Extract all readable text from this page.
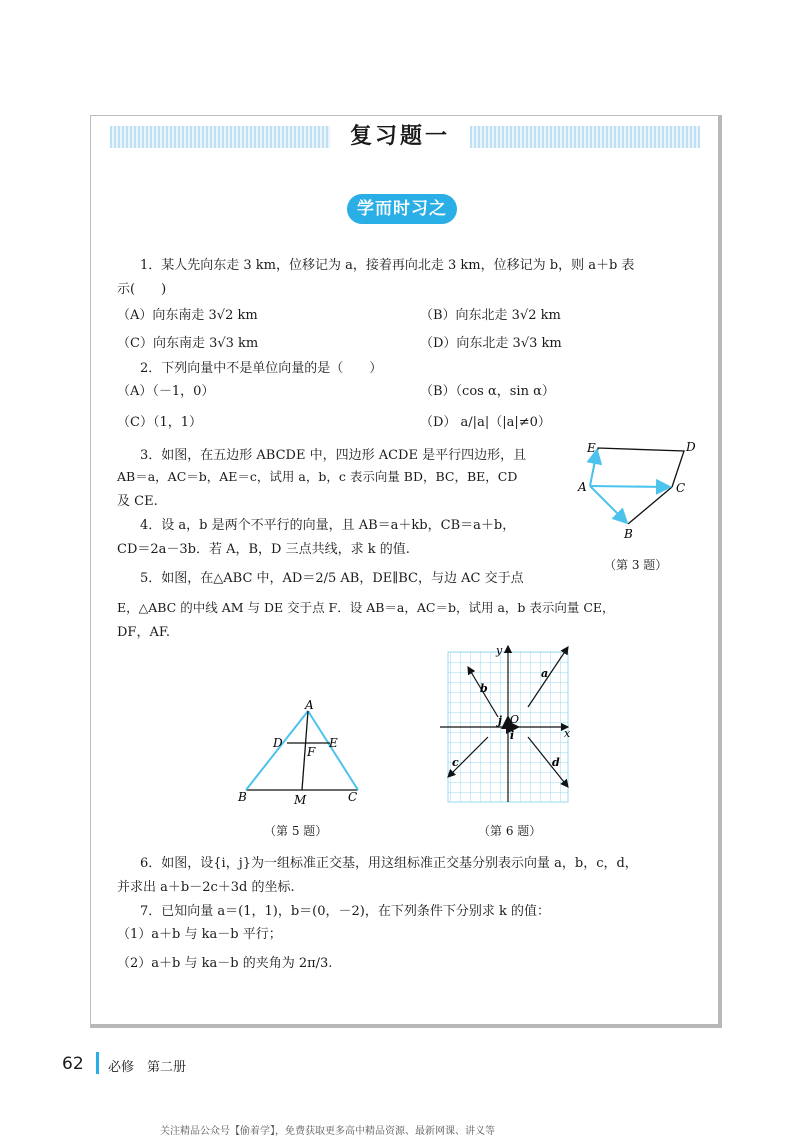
复习题一
学而时习之
1．某人先向东走 3 km，位移记为 a，接着再向北走 3 km，位移记为 b，则 a＋b 表
示(　　)
（A）向东南走 3√2 km	（B）向东北走 3√2 km
（C）向东南走 3√3 km	（D）向东北走 3√3 km
2．下列向量中不是单位向量的是（　　）
（A）（－1，0）	（B）（cos α，sin α）
（C）（1，1）	（D） a/|a|（|a|≠0）
3．如图，在五边形 ABCDE 中，四边形 ACDE 是平行四边形，且
AB＝a，AC＝b，AE＝c，试用 a，b，c 表示向量 BD，BC，BE，CD
及 CE.
4．设 a，b 是两个不平行的向量，且 AB＝a＋kb，CB＝a＋b，
CD＝2a－3b．若 A，B，D 三点共线，求 k 的值.
E	D
A	C
B
（第 3 题）
5．如图，在△ABC 中，AD＝2/5 AB，DE∥BC，与边 AC 交于点
E，△ABC 的中线 AM 与 DE 交于点 F．设 AB＝a，AC＝b，试用 a，b 表示向量 CE，
DF，AF.
A
D	E
F
B	M	C
（第 5 题）
y
a
b
j O
i	x
c	d
（第 6 题）
6．如图，设{i，j}为一组标准正交基，用这组标准正交基分别表示向量 a，b，c，d，
并求出 a＋b－2c＋3d 的坐标.
7．已知向量 a＝(1，1)，b＝(0，－2)，在下列条件下分别求 k 的值：
（1）a＋b 与 ka－b 平行；
（2）a＋b 与 ka－b 的夹角为 2π/3.
62 必修　第二册
关注精品公众号【偷着学】，免费获取更多高中精品资源、最新网课、讲义等
